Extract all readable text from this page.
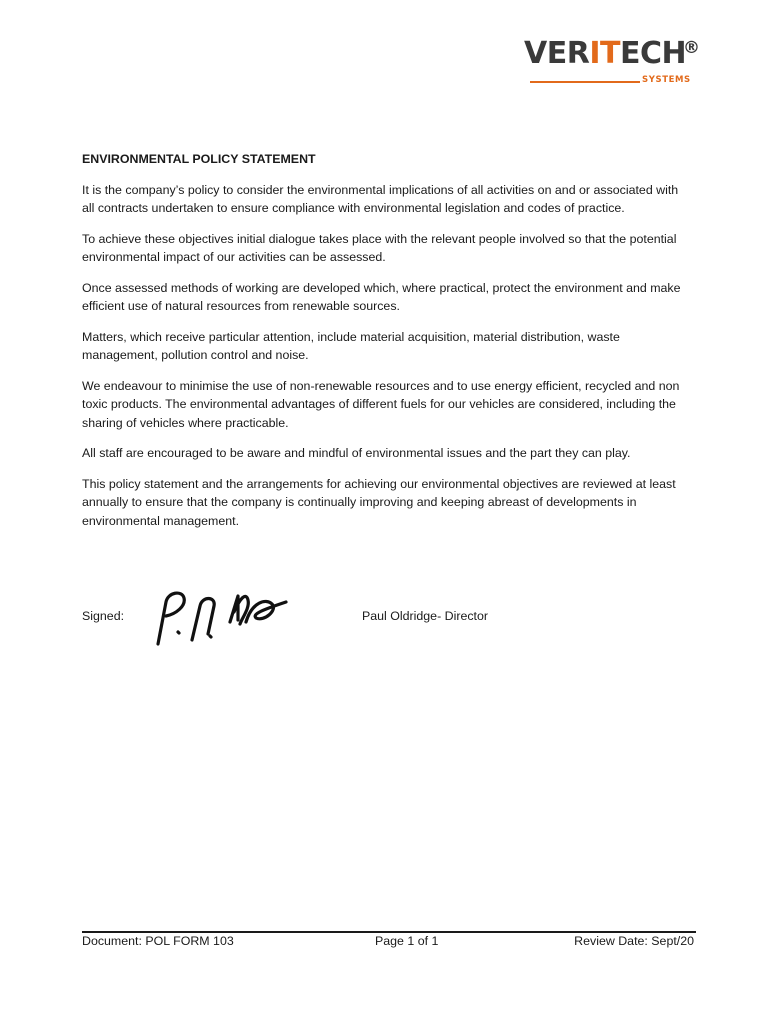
VERITECH
®
SYSTEMS
ENVIRONMENTAL POLICY STATEMENT

It is the company’s policy to consider the environmental implications of all activities on and or associated with all contracts undertaken to ensure compliance with environmental legislation and codes of practice.

To achieve these objectives initial dialogue takes place with the relevant people involved so that the potential environmental impact of our activities can be assessed.

Once assessed methods of working are developed which, where practical, protect the environment and make efficient use of natural resources from renewable sources.

Matters, which receive particular attention, include material acquisition, material distribution, waste management, pollution control and noise.

We endeavour to minimise the use of non-renewable resources and to use energy efficient, recycled and non toxic products. The environmental advantages of different fuels for our vehicles are considered, including the sharing of vehicles where practicable.

All staff are encouraged to be aware and mindful of environmental issues and the part they can play.

This policy statement and the arrangements for achieving our environmental objectives are reviewed at least annually to ensure that the company is continually improving and keeping abreast of developments in environmental management.

Signed:	Paul Oldridge- Director
Document: POL FORM 103	Page 1 of 1	Review Date: Sept/20
